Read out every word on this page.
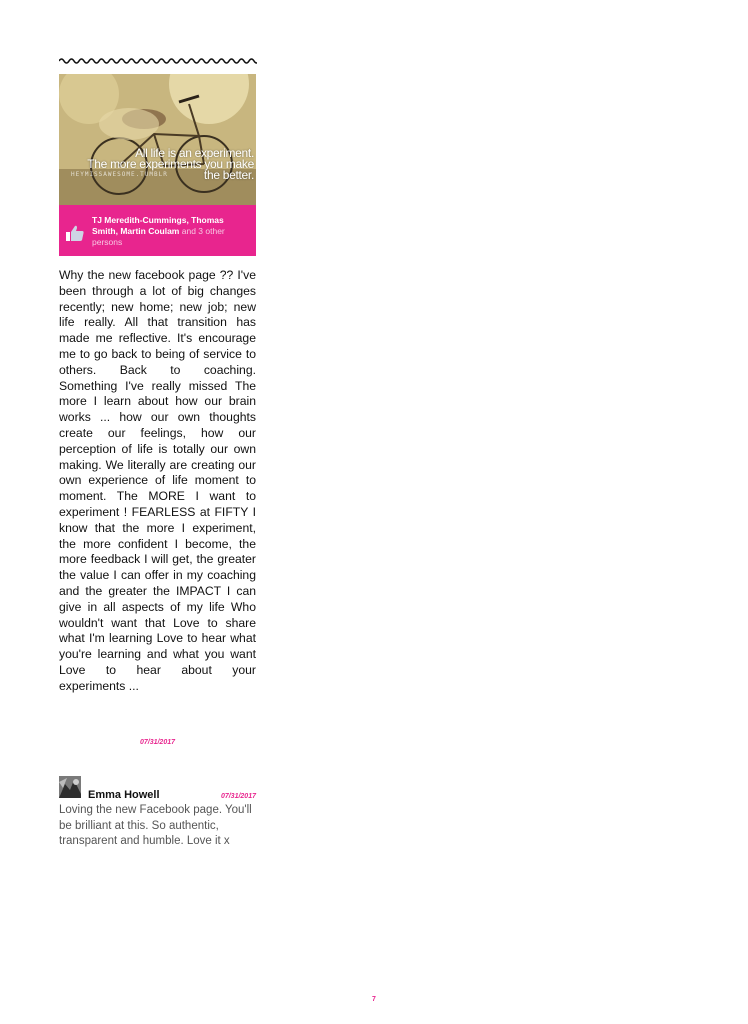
HEYMISSAWESOME.TUMBLR
All life is an experiment.
The more experiments you make
the better.
TJ Meredith-Cummings, Thomas Smith, Martin Coulam and 3 other persons

Why the new facebook page ?? I've been through a lot of big changes recently; new home; new job; new life really. All that transition has made me reflective. It's encourage me to go back to being of service to others. Back to coaching. Something I've really missed The more I learn about how our brain works ... how our own thoughts create our feelings, how our perception of life is totally our own making. We literally are creating our own experience of life moment to moment. The MORE I want to experiment ! FEARLESS at FIFTY I know that the more I experiment, the more confident I become, the more feedback I will get, the greater the value I can offer in my coaching and the greater the IMPACT I can give in all aspects of my life Who wouldn't want that Love to share what I'm learning Love to hear what you're learning and what you want Love to hear about your experiments ...

07/31/2017
Emma Howell	07/31/2017

Loving the new Facebook page. You'll be brilliant at this. So authentic, transparent and humble. Love it x

7
